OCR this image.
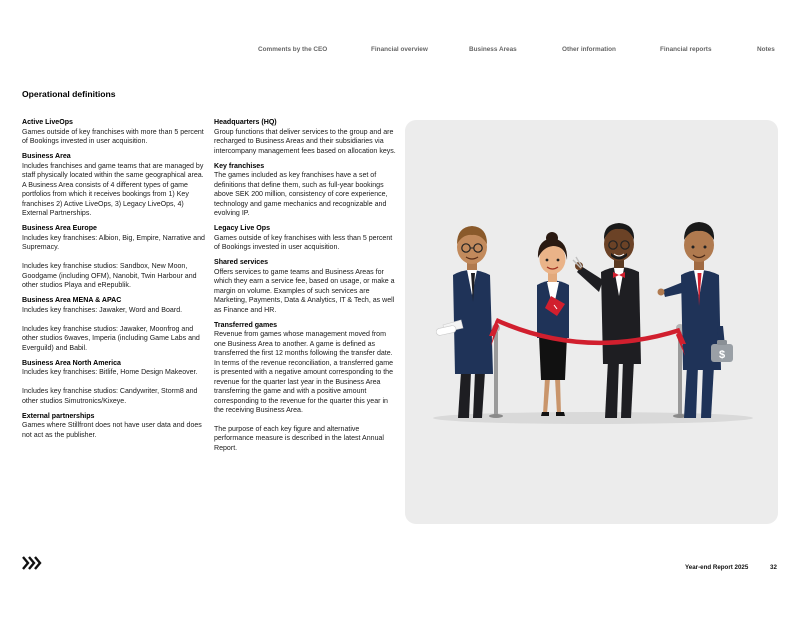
Comments by the CEO	Financial overview	Business Areas	Other information	Financial reports	Notes
Operational definitions
Active LiveOps

Games outside of key franchises with more than 5 percent of Bookings invested in user acquisition.

Business Area

Includes franchises and game teams that are managed by staff physically located within the same geographical area. A Business Area consists of 4 different types of game portfolios from which it receives bookings from 1) Key franchises 2) Active LiveOps, 3) Legacy LiveOps, 4) External Partnerships.

Business Area Europe

Includes key franchises: Albion, Big, Empire, Narrative and Supremacy.

Includes key franchise studios: Sandbox, New Moon, Goodgame (including OFM), Nanobit, Twin Harbour and other studios Playa and eRepublik.

Business Area MENA & APAC

Includes key franchises: Jawaker, Word and Board.

Includes key franchise studios: Jawaker, Moonfrog and other studios 6waves, Imperia (including Game Labs and Everguild) and Babil.

Business Area North America

Includes key franchises: Bitlife, Home Design Makeover.

Includes key franchise studios: Candywriter, Storm8 and other studios Simutronics/Kixeye.

External partnerships

Games where Stillfront does not have user data and does not act as the publisher.

Headquarters (HQ)

Group functions that deliver services to the group and are recharged to Business Areas and their subsidiaries via intercompany management fees based on allocation keys.

Key franchises

The games included as key franchises have a set of definitions that define them, such as full-year bookings above SEK 200 million, consistency of core experience, technology and game mechanics and recognizable and evolving IP.

Legacy Live Ops

Games outside of key franchises with less than 5 percent of Bookings invested in user acquisition.

Shared services

Offers services to game teams and Business Areas for which they earn a service fee, based on usage, or make a margin on volume. Examples of such services are Marketing, Payments, Data & Analytics, IT & Tech, as well as Finance and HR.

Transferred games

Revenue from games whose management moved from one Business Area to another. A game is defined as transferred the first 12 months following the transfer date. In terms of the revenue reconciliation, a transferred game is presented with a negative amount corresponding to the revenue for the quarter last year in the Business Area transferring the game and with a positive amount corresponding to the revenue for the quarter this year in the receiving Business Area.

The purpose of each key figure and alternative performance measure is described in the latest Annual Report.

$
Year-end Report 2025	32
